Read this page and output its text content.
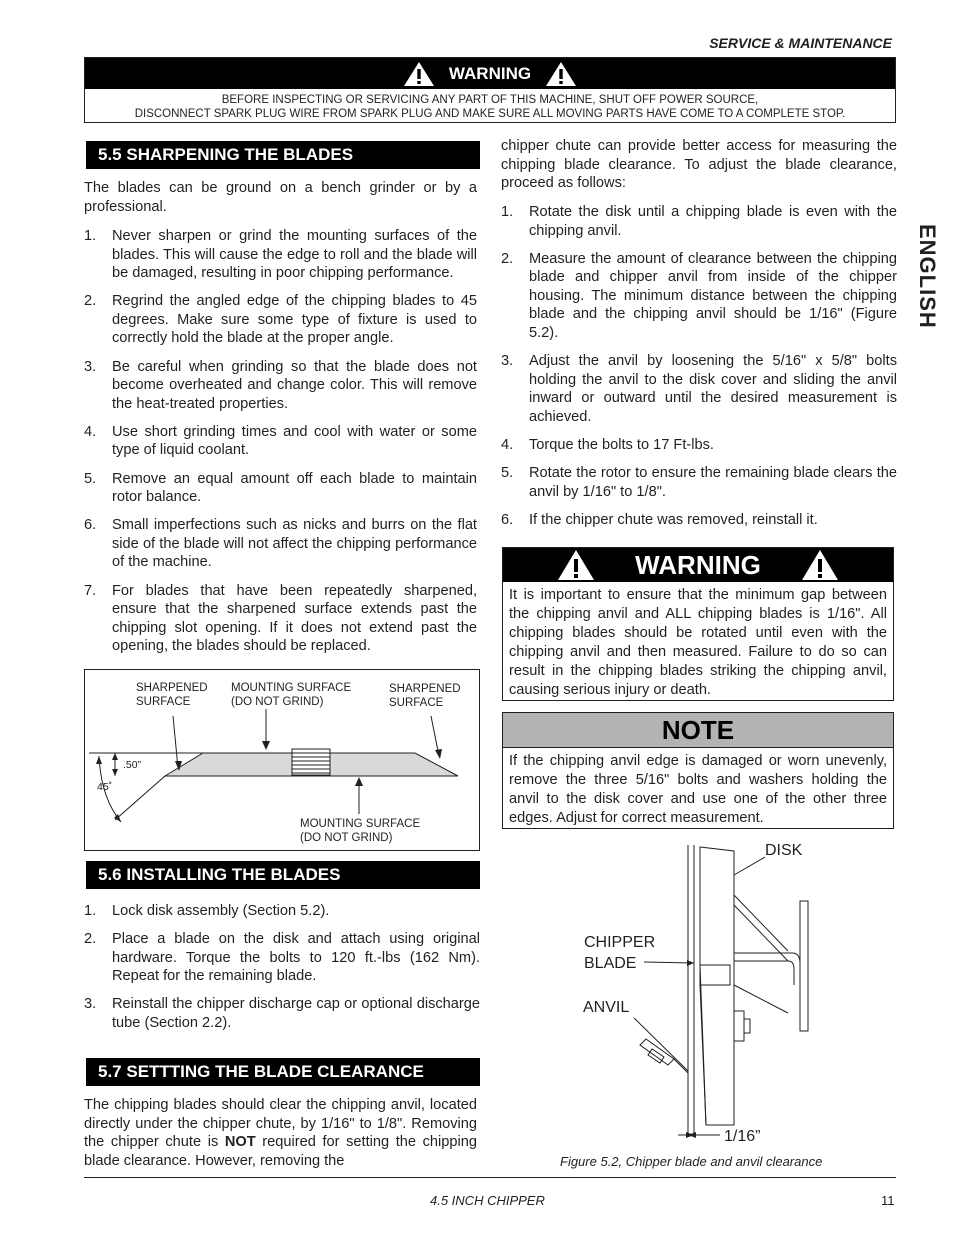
SERVICE & MAINTENANCE
WARNING
BEFORE INSPECTING OR SERVICING ANY PART OF THIS MACHINE, SHUT OFF POWER SOURCE,
DISCONNECT SPARK PLUG WIRE FROM SPARK PLUG AND MAKE SURE ALL MOVING PARTS HAVE COME TO A COMPLETE STOP.
ENGLISH
5.5 SHARPENING THE BLADES
The blades can be ground on a bench grinder or by a professional.
1. Never sharpen or grind the mounting surfaces of the blades. This will cause the edge to roll and the blade will be damaged, resulting in poor chipping performance.
2. Regrind the angled edge of the chipping blades to 45 degrees. Make sure some type of fixture is used to correctly hold the blade at the proper angle.
3. Be careful when grinding so that the blade does not become overheated and change color. This will remove the heat-treated properties.
4. Use short grinding times and cool with water or some type of liquid coolant.
5. Remove an equal amount off each blade to maintain rotor balance.
6. Small imperfections such as nicks and burrs on the flat side of the blade will not affect the chipping performance of the machine.
7. For blades that have been repeatedly sharpened, ensure that the sharpened surface extends past the chipping slot opening. If it does not extend past the opening, the blades should be replaced.
SHARPENED
SURFACE
MOUNTING SURFACE
(DO NOT GRIND)
SHARPENED
SURFACE
.50”
45˚
MOUNTING SURFACE
(DO NOT GRIND)
5.6 INSTALLING THE BLADES
1. Lock disk assembly (Section 5.2).
2. Place a blade on the disk and attach using original hardware. Torque the bolts to 120 ft.-lbs (162 Nm). Repeat for the remaining blade.
3. Reinstall the chipper discharge cap or optional discharge tube (Section 2.2).
5.7 SETTTING THE BLADE CLEARANCE
The chipping blades should clear the chipping anvil, located directly under the chipper chute, by 1/16" to 1/8". Removing the chipper chute is NOT required for setting the chipping blade clearance. However, removing the
chipper chute can provide better access for measuring the chipping blade clearance. To adjust the blade clearance, proceed as follows:
1. Rotate the disk until a chipping blade is even with the chipping anvil.
2. Measure the amount of clearance between the chipping blade and chipper anvil from inside of the chipper housing. The minimum distance between the chipping blade and the chipping anvil should be 1/16" (Figure 5.2).
3. Adjust the anvil by loosening the 5/16" x 5/8" bolts holding the anvil to the disk cover and sliding the anvil inward or outward until the desired measurement is achieved.
4. Torque the bolts to 17 Ft-lbs.
5. Rotate the rotor to ensure the remaining blade clears the anvil by 1/16" to 1/8".
6. If the chipper chute was removed, reinstall it.
WARNING
It is important to ensure that the minimum gap between the chipping anvil and ALL chipping blades is 1/16". All chipping blades should be rotated until even with the chipping anvil and then measured. Failure to do so can result in the chipping blades striking the chipping anvil, causing serious injury or death.
NOTE
If the chipping anvil edge is damaged or worn unevenly, remove the three 5/16" bolts and washers holding the anvil to the disk cover and use one of the other three edges. Adjust for correct measurement.
DISK
CHIPPER
BLADE
ANVIL
1/16”
Figure 5.2, Chipper blade and anvil clearance
4.5 INCH CHIPPER	11
